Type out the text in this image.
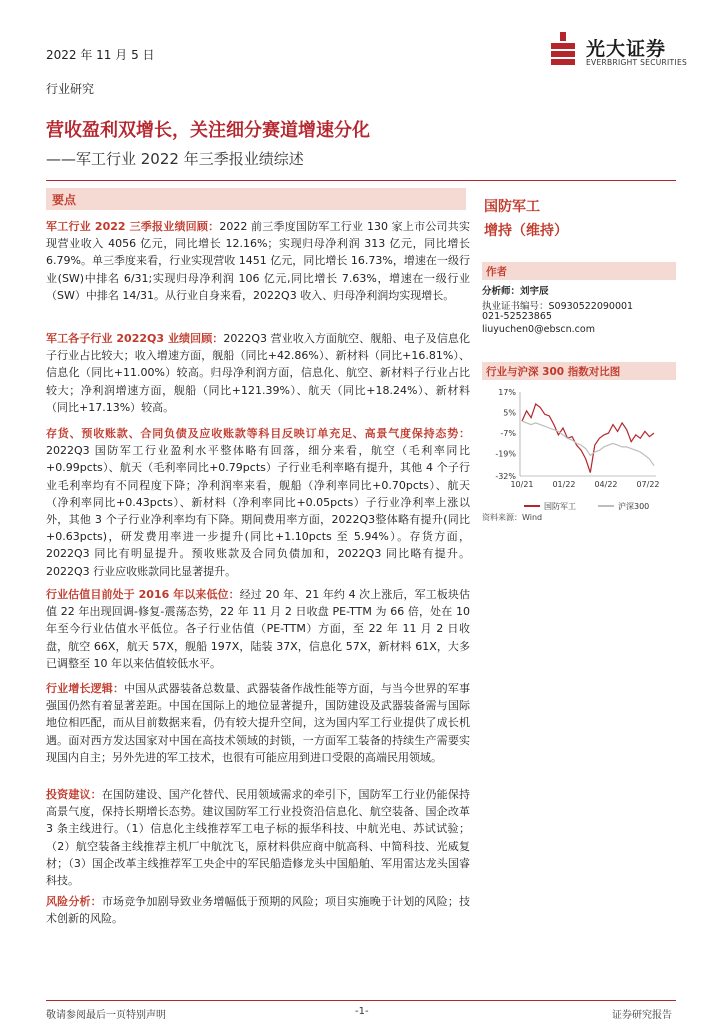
2022 年 11 月 5 日	光大证券
EVERBRIGHT SECURITIES
行业研究
营收盈利双增长，关注细分赛道增速分化
——军工行业 2022 年三季报业绩综述
要点
军工行业 2022 三季报业绩回顾：2022 前三季度国防军工行业 130 家上市公司共实现营业收入 4056 亿元，同比增长 12.16%；实现归母净利润 313 亿元，同比增长 6.79%。单三季度来看，行业实现营收 1451 亿元，同比增长 16.73%，增速在一级行业(SW)中排名 6/31;实现归母净利润 106 亿元,同比增长 7.63%，增速在一级行业（SW）中排名 14/31。从行业自身来看，2022Q3 收入、归母净利润均实现增长。
军工各子行业 2022Q3 业绩回顾：2022Q3 营业收入方面航空、舰船、电子及信息化子行业占比较大；收入增速方面，舰船（同比+42.86%）、新材料（同比+16.81%）、信息化（同比+11.00%）较高。归母净利润方面，信息化、航空、新材料子行业占比较大；净利润增速方面，舰船（同比+121.39%）、航天（同比+18.24%）、新材料（同比+17.13%）较高。
存货、预收账款、合同负债及应收账款等科目反映订单充足、高景气度保持态势：2022Q3 国防军工行业盈利水平整体略有回落，细分来看，航空（毛利率同比+0.99pcts）、航天（毛利率同比+0.79pcts）子行业毛利率略有提升，其他 4 个子行业毛利率均有不同程度下降；净利润率来看，舰船（净利率同比+0.70pcts）、航天（净利率同比+0.43pcts）、新材料（净利率同比+0.05pcts）子行业净利率上涨以外，其他 3 个子行业净利率均有下降。期间费用率方面，2022Q3整体略有提升(同比+0.63pcts)，研发费用率进一步提升(同比+1.10pcts 至 5.94%）。存货方面，2022Q3 同比有明显提升。预收账款及合同负债加和，2022Q3 同比略有提升。2022Q3 行业应收账款同比显著提升。
行业估值目前处于 2016 年以来低位：经过 20 年、21 年约 4 次上涨后，军工板块估值 22 年出现回调-修复-震荡态势，22 年 11 月 2 日收盘 PE-TTM 为 66 倍，处在 10 年至今行业估值水平低位。各子行业估值（PE-TTM）方面，至 22 年 11 月 2 日收盘，航空 66X，航天 57X，舰船 197X，陆装 37X，信息化 57X，新材料 61X，大多已调整至 10 年以来估值较低水平。
行业增长逻辑：中国从武器装备总数量、武器装备作战性能等方面，与当今世界的军事强国仍然有着显著差距。中国在国际上的地位显著提升，国防建设及武器装备需与国际地位相匹配，而从目前数据来看，仍有较大提升空间，这为国内军工行业提供了成长机遇。面对西方发达国家对中国在高技术领域的封锁，一方面军工装备的持续生产需要实现国内自主；另外先进的军工技术，也很有可能应用到进口受限的高端民用领域。
投资建议：在国防建设、国产化替代、民用领域需求的牵引下，国防军工行业仍能保持高景气度，保持长期增长态势。建议国防军工行业投资沿信息化、航空装备、国企改革 3 条主线进行。（1）信息化主线推荐军工电子标的振华科技、中航光电、苏试试验；（2）航空装备主线推荐主机厂中航沈飞，原材料供应商中航高科、中简科技、光威复材；（3）国企改革主线推荐军工央企中的军民船造修龙头中国船舶、军用雷达龙头国睿科技。
风险分析：市场竞争加剧导致业务增幅低于预期的风险；项目实施晚于计划的风险；技术创新的风险。
国防军工
增持（维持）
作者
分析师：刘宇辰
执业证书编号：S0930522090001
021-52523865
liuyuchen0@ebscn.com
行业与沪深 300 指数对比图
17%
5%
-7%
-19%
-32%
10/21 01/22 04/22 07/22
国防军工	沪深300
资料来源：Wind
敬请参阅最后一页特别声明	-1-	证券研究报告
